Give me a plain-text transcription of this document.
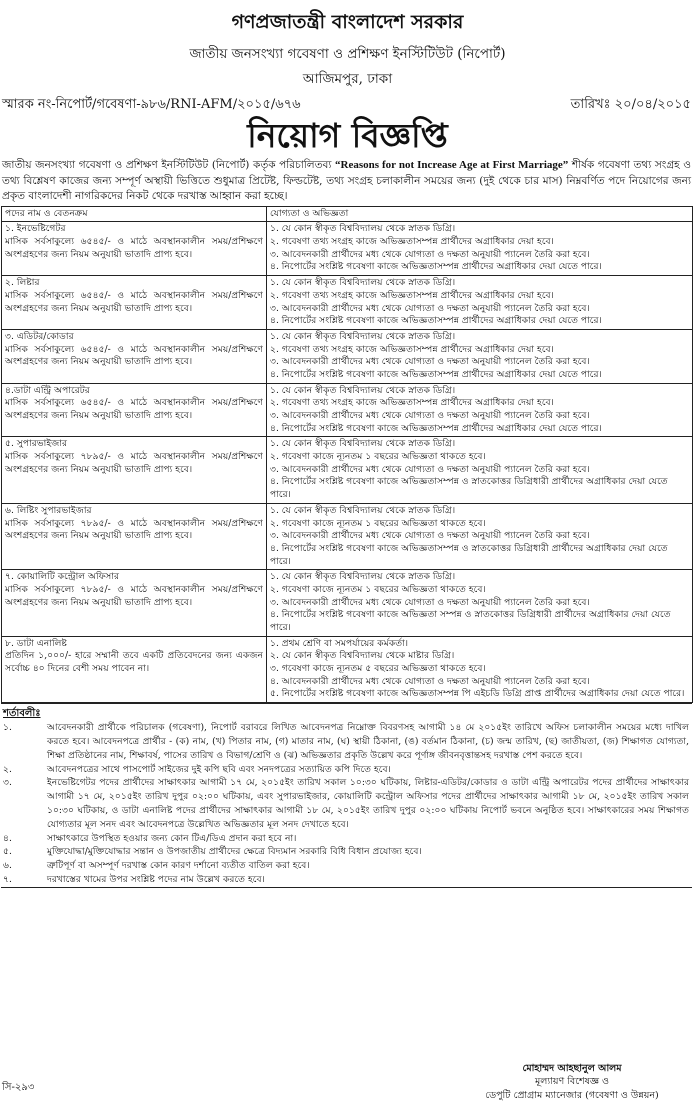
গণপ্রজাতন্ত্রী বাংলাদেশ সরকার
জাতীয় জনসংখ্যা গবেষণা ও প্রশিক্ষণ ইনস্টিটিউট (নিপোর্ট)
আজিমপুর, ঢাকা
স্মারক নং-নিপোর্ট/গবেষণা-৯৮৬/RNI-AFM/২০১৫/৬৭৬	তারিখঃ ২০/০৪/২০১৫
নিয়োগ বিজ্ঞপ্তি
জাতীয় জনসংখ্যা গবেষণা ও প্রশিক্ষণ ইনস্টিটিউট (নিপোর্ট) কর্তৃক পরিচালিতব্য “Reasons for not Increase Age at First Marriage” শীর্ষক গবেষণা তথ্য সংগ্রহ ও তথ্য বিশ্লেষণ কাজের জন্য সম্পূর্ণ অস্থায়ী ভিত্তিতে শুধুমাত্র প্রিটেষ্ট, ফিল্ডটেষ্ট, তথ্য সংগ্রহ চলাকালীন সময়ের জন্য (দুই থেকে চার মাস) নিম্নবর্ণিত পদে নিয়োগের জন্য প্রকৃত বাংলাদেশী নাগরিকদের নিকট থেকে দরখাস্ত আহ্বান করা হচ্ছে।
পদের নাম ও বেতনক্রম	যোগ্যতা ও অভিজ্ঞতা

১. ইনভেষ্টিগেটর
মাসিক সর্বসাকুল্যে ৬৫৪৫/- ও মাঠে অবস্থানকালীন সময়/প্রশিক্ষণে অংশগ্রহণের জন্য নিয়ম অনুযায়ী ভাতাদি প্রাপ্য হবে।	১. যে কোন স্বীকৃত বিশ্ববিদ্যালয় থেকে স্নাতক ডিগ্রি।
২. গবেষণা তথ্য সংগ্রহ কাজে অভিজ্ঞতাসম্পন্ন প্রার্থীদের অগ্রাধিকার দেয়া হবে।
৩. আবেদনকারী প্রার্থীদের মধ্য থেকে যোগ্যতা ও দক্ষতা অনুযায়ী প্যানেল তৈরি করা হবে।
৪. নিপোর্টের সংশ্লিষ্ট গবেষণা কাজে অভিজ্ঞতাসম্পন্ন প্রার্থীদের অগ্রাধিকার দেয়া যেতে পারে।

২. লিষ্টার
মাসিক সর্বসাকুল্যে ৬৫৪৫/- ও মাঠে অবস্থানকালীন সময়/প্রশিক্ষণে অংশগ্রহণের জন্য নিয়ম অনুযায়ী ভাতাদি প্রাপ্য হবে।	১. যে কোন স্বীকৃত বিশ্ববিদ্যালয় থেকে স্নাতক ডিগ্রি।
২. গবেষণা তথ্য সংগ্রহ কাজে অভিজ্ঞতাসম্পন্ন প্রার্থীদের অগ্রাধিকার দেয়া হবে।
৩. আবেদনকারী প্রার্থীদের মধ্য থেকে যোগ্যতা ও দক্ষতা অনুযায়ী প্যানেল তৈরি করা হবে।
৪. নিপোর্টের সংশ্লিষ্ট গবেষণা কাজে অভিজ্ঞতাসম্পন্ন প্রার্থীদের অগ্রাধিকার দেয়া যেতে পারে।

৩. এডিটর/কোডার
মাসিক সর্বসাকুল্যে ৬৫৪৫/- ও মাঠে অবস্থানকালীন সময়/প্রশিক্ষণে অংশগ্রহণের জন্য নিয়ম অনুযায়ী ভাতাদি প্রাপ্য হবে।	১. যে কোন স্বীকৃত বিশ্ববিদ্যালয় থেকে স্নাতক ডিগ্রি।
২. গবেষণা তথ্য সংগ্রহ কাজে অভিজ্ঞতাসম্পন্ন প্রার্থীদের অগ্রাধিকার দেয়া হবে।
৩. আবেদনকারী প্রার্থীদের মধ্য থেকে যোগ্যতা ও দক্ষতা অনুযায়ী প্যানেল তৈরি করা হবে।
৪. নিপোর্টের সংশ্লিষ্ট গবেষণা কাজে অভিজ্ঞতাসম্পন্ন প্রার্থীদের অগ্রাধিকার দেয়া যেতে পারে।

৪.ডাটা এন্ট্রি অপারেটর
মাসিক সর্বসাকুল্যে ৬৫৪৫/- ও মাঠে অবস্থানকালীন সময়/প্রশিক্ষণে অংশগ্রহণের জন্য নিয়ম অনুযায়ী ভাতাদি প্রাপ্য হবে।	১. যে কোন স্বীকৃত বিশ্ববিদ্যালয় থেকে স্নাতক ডিগ্রি।
২. গবেষণা তথ্য সংগ্রহ কাজে অভিজ্ঞতাসম্পন্ন প্রার্থীদের অগ্রাধিকার দেয়া হবে।
৩. আবেদনকারী প্রার্থীদের মধ্য থেকে যোগ্যতা ও দক্ষতা অনুযায়ী প্যানেল তৈরি করা হবে।
৪. নিপোর্টের সংশ্লিষ্ট গবেষণা কাজে অভিজ্ঞতাসম্পন্ন প্রার্থীদের অগ্রাধিকার দেয়া যেতে পারে।

৫. সুপারভাইজার
মাসিক সর্বসাকুল্যে ৭৮৯৫/- ও মাঠে অবস্থানকালীন সময়/প্রশিক্ষণে অংশগ্রহণের জন্য নিয়ম অনুযায়ী ভাতাদি প্রাপ্য হবে।	১. যে কোন স্বীকৃত বিশ্ববিদ্যালয় থেকে স্নাতক ডিগ্রি।
২. গবেষণা কাজে ন্যূনতম ১ বছরের অভিজ্ঞতা থাকতে হবে।
৩. আবেদনকারী প্রার্থীদের মধ্য থেকে যোগ্যতা ও দক্ষতা অনুযায়ী প্যানেল তৈরি করা হবে।
৪. নিপোর্টের সংশ্লিষ্ট গবেষণা কাজে অভিজ্ঞতাসম্পন্ন ও স্নাতকোত্তর ডিগ্রিধারী প্রার্থীদের অগ্রাধিকার দেয়া যেতে পারে।

৬. লিষ্টিং সুপারভাইজার
মাসিক সর্বসাকুল্যে ৭৮৯৫/- ও মাঠে অবস্থানকালীন সময়/প্রশিক্ষণে অংশগ্রহণের জন্য নিয়ম অনুযায়ী ভাতাদি প্রাপ্য হবে।	১. যে কোন স্বীকৃত বিশ্ববিদ্যালয় থেকে স্নাতক ডিগ্রি।
২. গবেষণা কাজে ন্যূনতম ১ বছরের অভিজ্ঞতা থাকতে হবে।
৩. আবেদনকারী প্রার্থীদের মধ্য থেকে যোগ্যতা ও দক্ষতা অনুযায়ী প্যানেল তৈরি করা হবে।
৪. নিপোর্টের সংশ্লিষ্ট গবেষণা কাজে অভিজ্ঞতাসম্পন্ন ও স্নাতকোত্তর ডিগ্রিধারী প্রার্থীদের অগ্রাধিকার দেয়া যেতে পারে।

৭. কোয়ালিটি কন্ট্রোল অফিসার
মাসিক সর্বসাকুল্যে ৭৮৯৫/- ও মাঠে অবস্থানকালীন সময়/প্রশিক্ষণে অংশগ্রহণের জন্য নিয়ম অনুযায়ী ভাতাদি প্রাপ্য হবে।	১. যে কোন স্বীকৃত বিশ্ববিদ্যালয় থেকে স্নাতক ডিগ্রি।
২. গবেষণা কাজে ন্যূনতম ১ বছরের অভিজ্ঞতা থাকতে হবে।
৩. আবেদনকারী প্রার্থীদের মধ্য থেকে যোগ্যতা ও দক্ষতা অনুযায়ী প্যানেল তৈরি করা হবে।
৪. নিপোর্টের সংশ্লিষ্ট গবেষণা কাজে অভিজ্ঞতা সম্পন্ন ও স্নাতকোত্তর ডিগ্রিধারী প্রার্থীদের অগ্রাধিকার দেয়া যেতে পারে।

৮. ডাটা এনালিষ্ট
প্রতিদিন ১,০০০/- হারে সম্মানী তবে একটি প্রতিবেদনের জন্য একজন সর্বোচ্চ ৪০ দিনের বেশী সময় পাবেন না।	১. প্রথম শ্রেণি বা সমপর্যায়ের কর্মকর্তা।
২. যে কোন স্বীকৃত বিশ্ববিদ্যালয় থেকে মাষ্টার ডিগ্রি।
৩. গবেষণা কাজে ন্যূনতম ৫ বছরের অভিজ্ঞতা থাকতে হবে।
৪. আবেদনকারী প্রার্থীদের মধ্য থেকে যোগ্যতা ও দক্ষতা অনুযায়ী প্যানেল তৈরি করা হবে।
৫. নিপোর্টের সংশ্লিষ্ট গবেষণা কাজে অভিজ্ঞতাসম্পন্ন পি এইচডি ডিগ্রি প্রাপ্ত প্রার্থীদের অগ্রাধিকার দেয়া যেতে পারে।
শর্তাবলীঃ
১.	আবেদনকারী প্রার্থীকে পরিচালক (গবেষণা), নিপোর্ট বরাবরে লিখিত আবেদনপত্র নিম্নোক্ত বিবরণসহ আগামী ১৪ মে ২০১৫ইং তারিখে অফিস চলাকালীন সময়ের মধ্যে দাখিল করতে হবে। আবেদনপত্রে প্রার্থীর - (ক) নাম, (খ) পিতার নাম, (গ) মাতার নাম, (ঘ) স্থায়ী ঠিকানা, (ঙ) বর্তমান ঠিকানা, (চ) জন্ম তারিখ, (ছ) জাতীয়তা, (জ) শিক্ষাগত যোগ্যতা, শিক্ষা প্রতিষ্ঠানের নাম, শিক্ষাবর্ষ, পাসের তারিখ ও বিভাগ/শ্রেণি ও (ঝ) অভিজ্ঞতার প্রকৃতি উল্লেখ করে পূর্ণাঙ্গ জীবনবৃত্তান্তসহ দরখাস্ত পেশ করতে হবে।
২.	আবেদনপত্রের সাথে পাসপোর্ট সাইজের দুই কপি ছবি এবং সনদপত্রের সত্যায়িত কপি দিতে হবে।
৩.	ইনভেষ্টিগেটর পদের প্রার্থীদের সাক্ষাৎকার আগামী ১৭ মে, ২০১৫ইং তারিখ সকাল ১০:৩০ ঘটিকায়, লিষ্টার-এডিটর/কোডার ও ডাটা এন্ট্রি অপারেটর পদের প্রার্থীদের সাক্ষাৎকার আগামী ১৭ মে, ২০১৫ইং তারিখ দুপুর ০২:০০ ঘটিকায়, এবং সুপারভাইজার, কোয়ালিটি কন্ট্রোল অফিসার পদের প্রার্থীদের সাক্ষাৎকার আগামী ১৮ মে, ২০১৫ইং তারিখ সকাল ১০:৩০ ঘটিকায়, ও ডাটা এনালিষ্ট পদের প্রার্থীদের সাক্ষাৎকার আগামী ১৮ মে, ২০১৫ইং তারিখ দুপুর ০২:০০ ঘটিকায় নিপোর্ট ভবনে অনুষ্ঠিত হবে। সাক্ষাৎকারের সময় শিক্ষাগত যোগ্যতার মূল সনদ এবং আবেদনপত্রে উল্লেখিত অভিজ্ঞতার মূল সনদ দেখাতে হবে।
৪.	সাক্ষাৎকারে উপস্থিত হওয়ার জন্য কোন টিএ/ডিএ প্রদান করা হবে না।
৫.	মুক্তিযোদ্ধা/মুক্তিযোদ্ধার সন্তান ও উপজাতীয় প্রার্থীদের ক্ষেত্রে বিদ্যমান সরকারি বিধি বিধান প্রযোজ্য হবে।
৬.	ত্রুটিপূর্ণ বা অসম্পূর্ণ দরখাস্ত কোন কারণ দর্শানো ব্যতীত বাতিল করা হবে।
৭.	দরখাস্তের খামের উপর সংশ্লিষ্ট পদের নাম উল্লেখ করতে হবে।
সি-২৯৩
মোহাম্মদ আহছানুল আলম
মূল্যায়ণ বিশেষজ্ঞ ও
ডেপুটি প্রোগ্রাম ম্যানেজার (গবেষণা ও উন্নয়ন)
